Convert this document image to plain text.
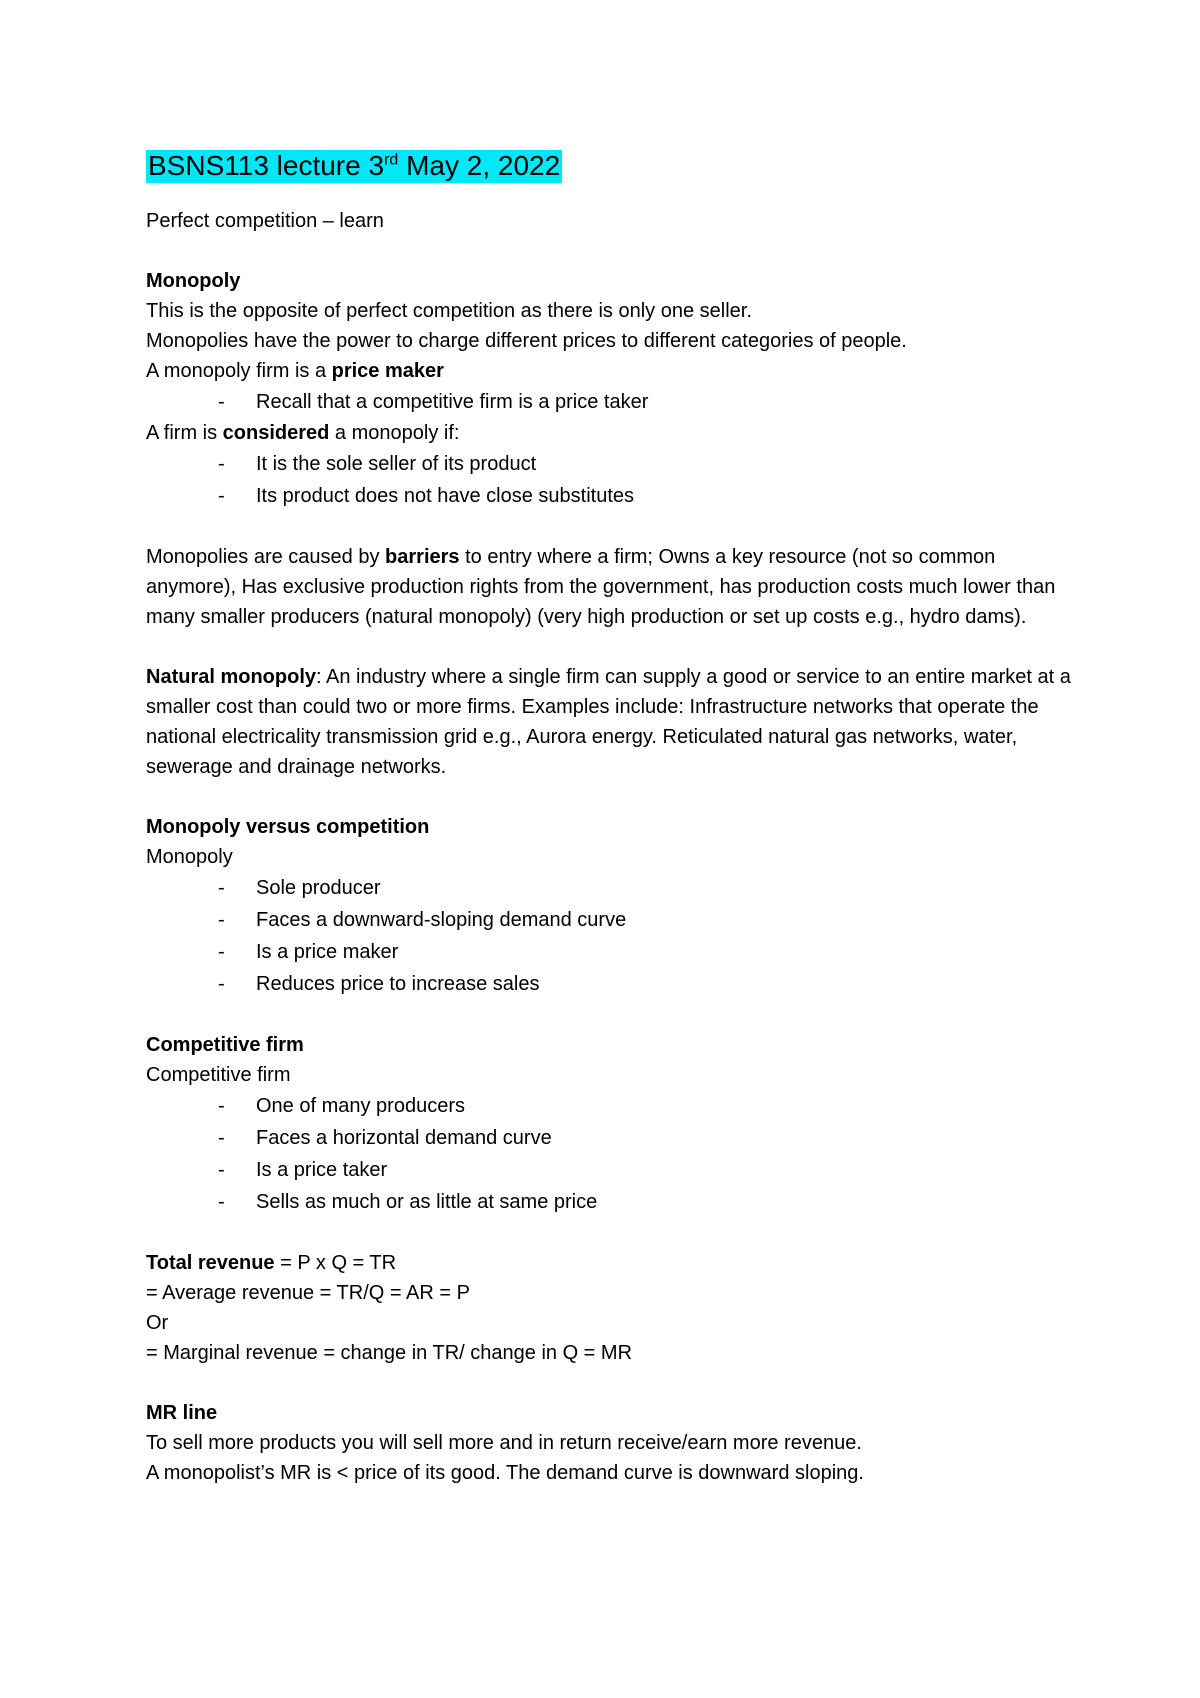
BSNS113 lecture 3rd May 2, 2022

Perfect competition – learn

Monopoly

This is the opposite of perfect competition as there is only one seller.

Monopolies have the power to charge different prices to different categories of people.

A monopoly firm is a price maker

- Recall that a competitive firm is a price taker

A firm is considered a monopoly if:

- It is the sole seller of its product
- Its product does not have close substitutes

Monopolies are caused by barriers to entry where a firm; Owns a key resource (not so common anymore), Has exclusive production rights from the government, has production costs much lower than many smaller producers (natural monopoly) (very high production or set up costs e.g., hydro dams).

Natural monopoly: An industry where a single firm can supply a good or service to an entire market at a smaller cost than could two or more firms. Examples include: Infrastructure networks that operate the national electricality transmission grid e.g., Aurora energy. Reticulated natural gas networks, water, sewerage and drainage networks.

Monopoly versus competition

Monopoly

- Sole producer
- Faces a downward-sloping demand curve
- Is a price maker
- Reduces price to increase sales

Competitive firm

Competitive firm

- One of many producers
- Faces a horizontal demand curve
- Is a price taker
- Sells as much or as little at same price

Total revenue = P x Q = TR

= Average revenue = TR/Q = AR = P

Or

= Marginal revenue = change in TR/ change in Q = MR

MR line

To sell more products you will sell more and in return receive/earn more revenue.

A monopolist’s MR is < price of its good. The demand curve is downward sloping.
